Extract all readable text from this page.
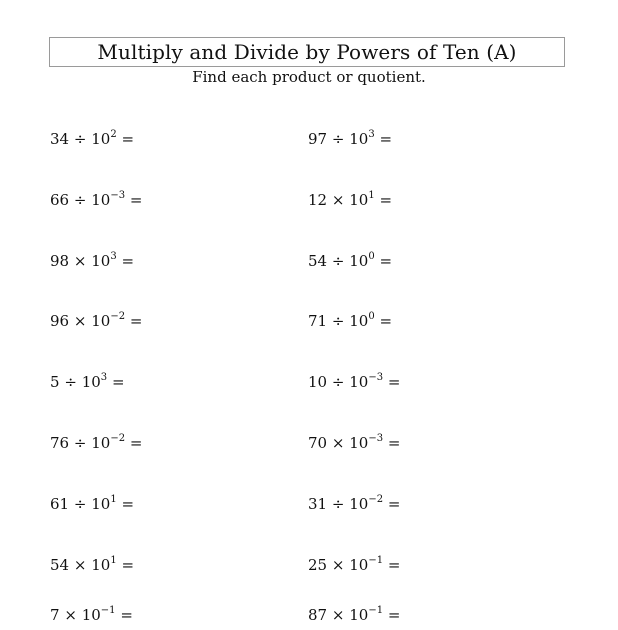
Multiply and Divide by Powers of Ten (A)
Find each product or quotient.
$34 \div 10^2$ =	$97 \div 10^3$ =
$66 \div 10^{-3}$ =	$12 \times 10^1$ =
$98 \times 10^3$ =	$54 \div 10^0$ =
$96 \times 10^{-2}$ =	$71 \div 10^0$ =
$5 \div 10^3$ =	$10 \div 10^{-3}$ =
$76 \div 10^{-2}$ =	$70 \times 10^{-3}$ =
$61 \div 10^1$ =	$31 \div 10^{-2}$ =
$54 \times 10^1$ =	$25 \times 10^{-1}$ =
$7 \times 10^{-1}$ =	$87 \times 10^{-1}$ =
